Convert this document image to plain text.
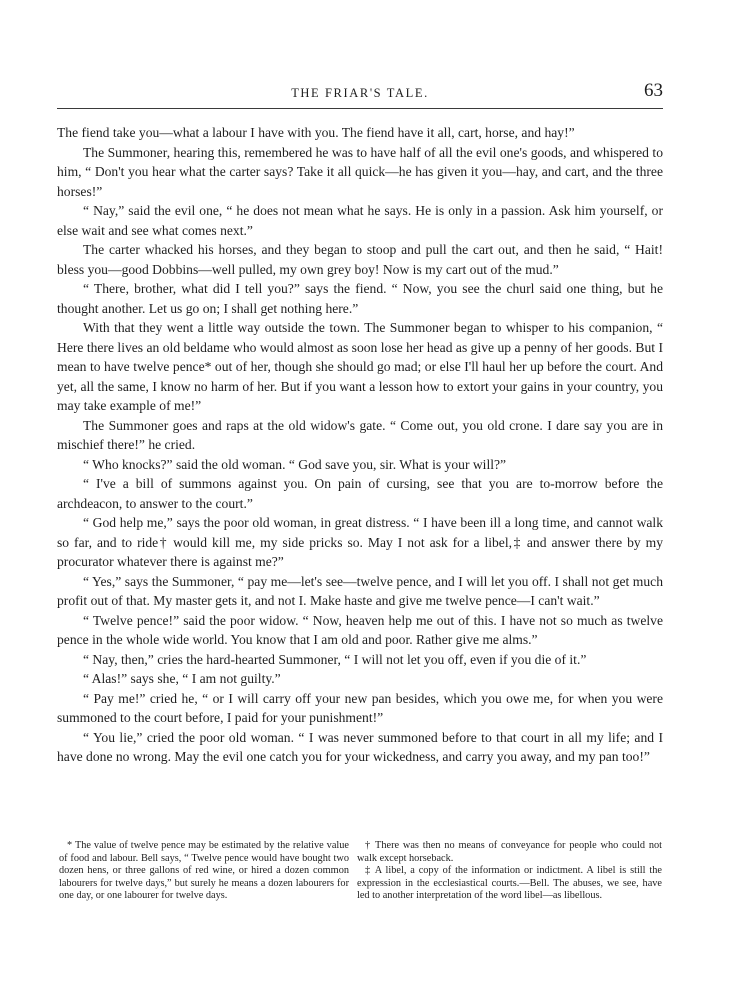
THE FRIAR'S TALE.	63

The fiend take you—what a labour I have with you. The fiend have it all, cart, horse, and hay!”

The Summoner, hearing this, remembered he was to have half of all the evil one's goods, and whispered to him, “ Don't you hear what the carter says? Take it all quick—he has given it you—hay, and cart, and the three horses!”

“ Nay,” said the evil one, “ he does not mean what he says. He is only in a passion. Ask him yourself, or else wait and see what comes next.”

The carter whacked his horses, and they began to stoop and pull the cart out, and then he said, “ Hait! bless you—good Dobbins—well pulled, my own grey boy! Now is my cart out of the mud.”

“ There, brother, what did I tell you?” says the fiend. “ Now, you see the churl said one thing, but he thought another. Let us go on; I shall get nothing here.”

With that they went a little way outside the town. The Summoner began to whisper to his companion, “ Here there lives an old beldame who would almost as soon lose her head as give up a penny of her goods. But I mean to have twelve pence* out of her, though she should go mad; or else I'll haul her up before the court. And yet, all the same, I know no harm of her. But if you want a lesson how to extort your gains in your country, you may take example of me!”

The Summoner goes and raps at the old widow's gate. “ Come out, you old crone. I dare say you are in mischief there!” he cried.

“ Who knocks?” said the old woman. “ God save you, sir. What is your will?”

“ I've a bill of summons against you. On pain of cursing, see that you are to-morrow before the archdeacon, to answer to the court.”

“ God help me,” says the poor old woman, in great distress. “ I have been ill a long time, and cannot walk so far, and to ride† would kill me, my side pricks so. May I not ask for a libel,‡ and answer there by my procurator whatever there is against me?”

“ Yes,” says the Summoner, “ pay me—let's see—twelve pence, and I will let you off. I shall not get much profit out of that. My master gets it, and not I. Make haste and give me twelve pence—I can't wait.”

“ Twelve pence!” said the poor widow. “ Now, heaven help me out of this. I have not so much as twelve pence in the whole wide world. You know that I am old and poor. Rather give me alms.”

“ Nay, then,” cries the hard-hearted Summoner, “ I will not let you off, even if you die of it.”

“ Alas!” says she, “ I am not guilty.”

“ Pay me!” cried he, “ or I will carry off your new pan besides, which you owe me, for when you were summoned to the court before, I paid for your punishment!”

“ You lie,” cried the poor old woman. “ I was never summoned before to that court in all my life; and I have done no wrong. May the evil one catch you for your wickedness, and carry you away, and my pan too!”

* The value of twelve pence may be estimated by the relative value of food and labour. Bell says, “ Twelve pence would have bought two dozen hens, or three gallons of red wine, or hired a dozen common labourers for twelve days,” but surely he means a dozen labourers for one day, or one labourer for twelve days.

† There was then no means of conveyance for people who could not walk except horseback.

‡ A libel, a copy of the information or indictment. A libel is still the expression in the ecclesiastical courts.—Bell. The abuses, we see, have led to another interpretation of the word libel—as libellous.
